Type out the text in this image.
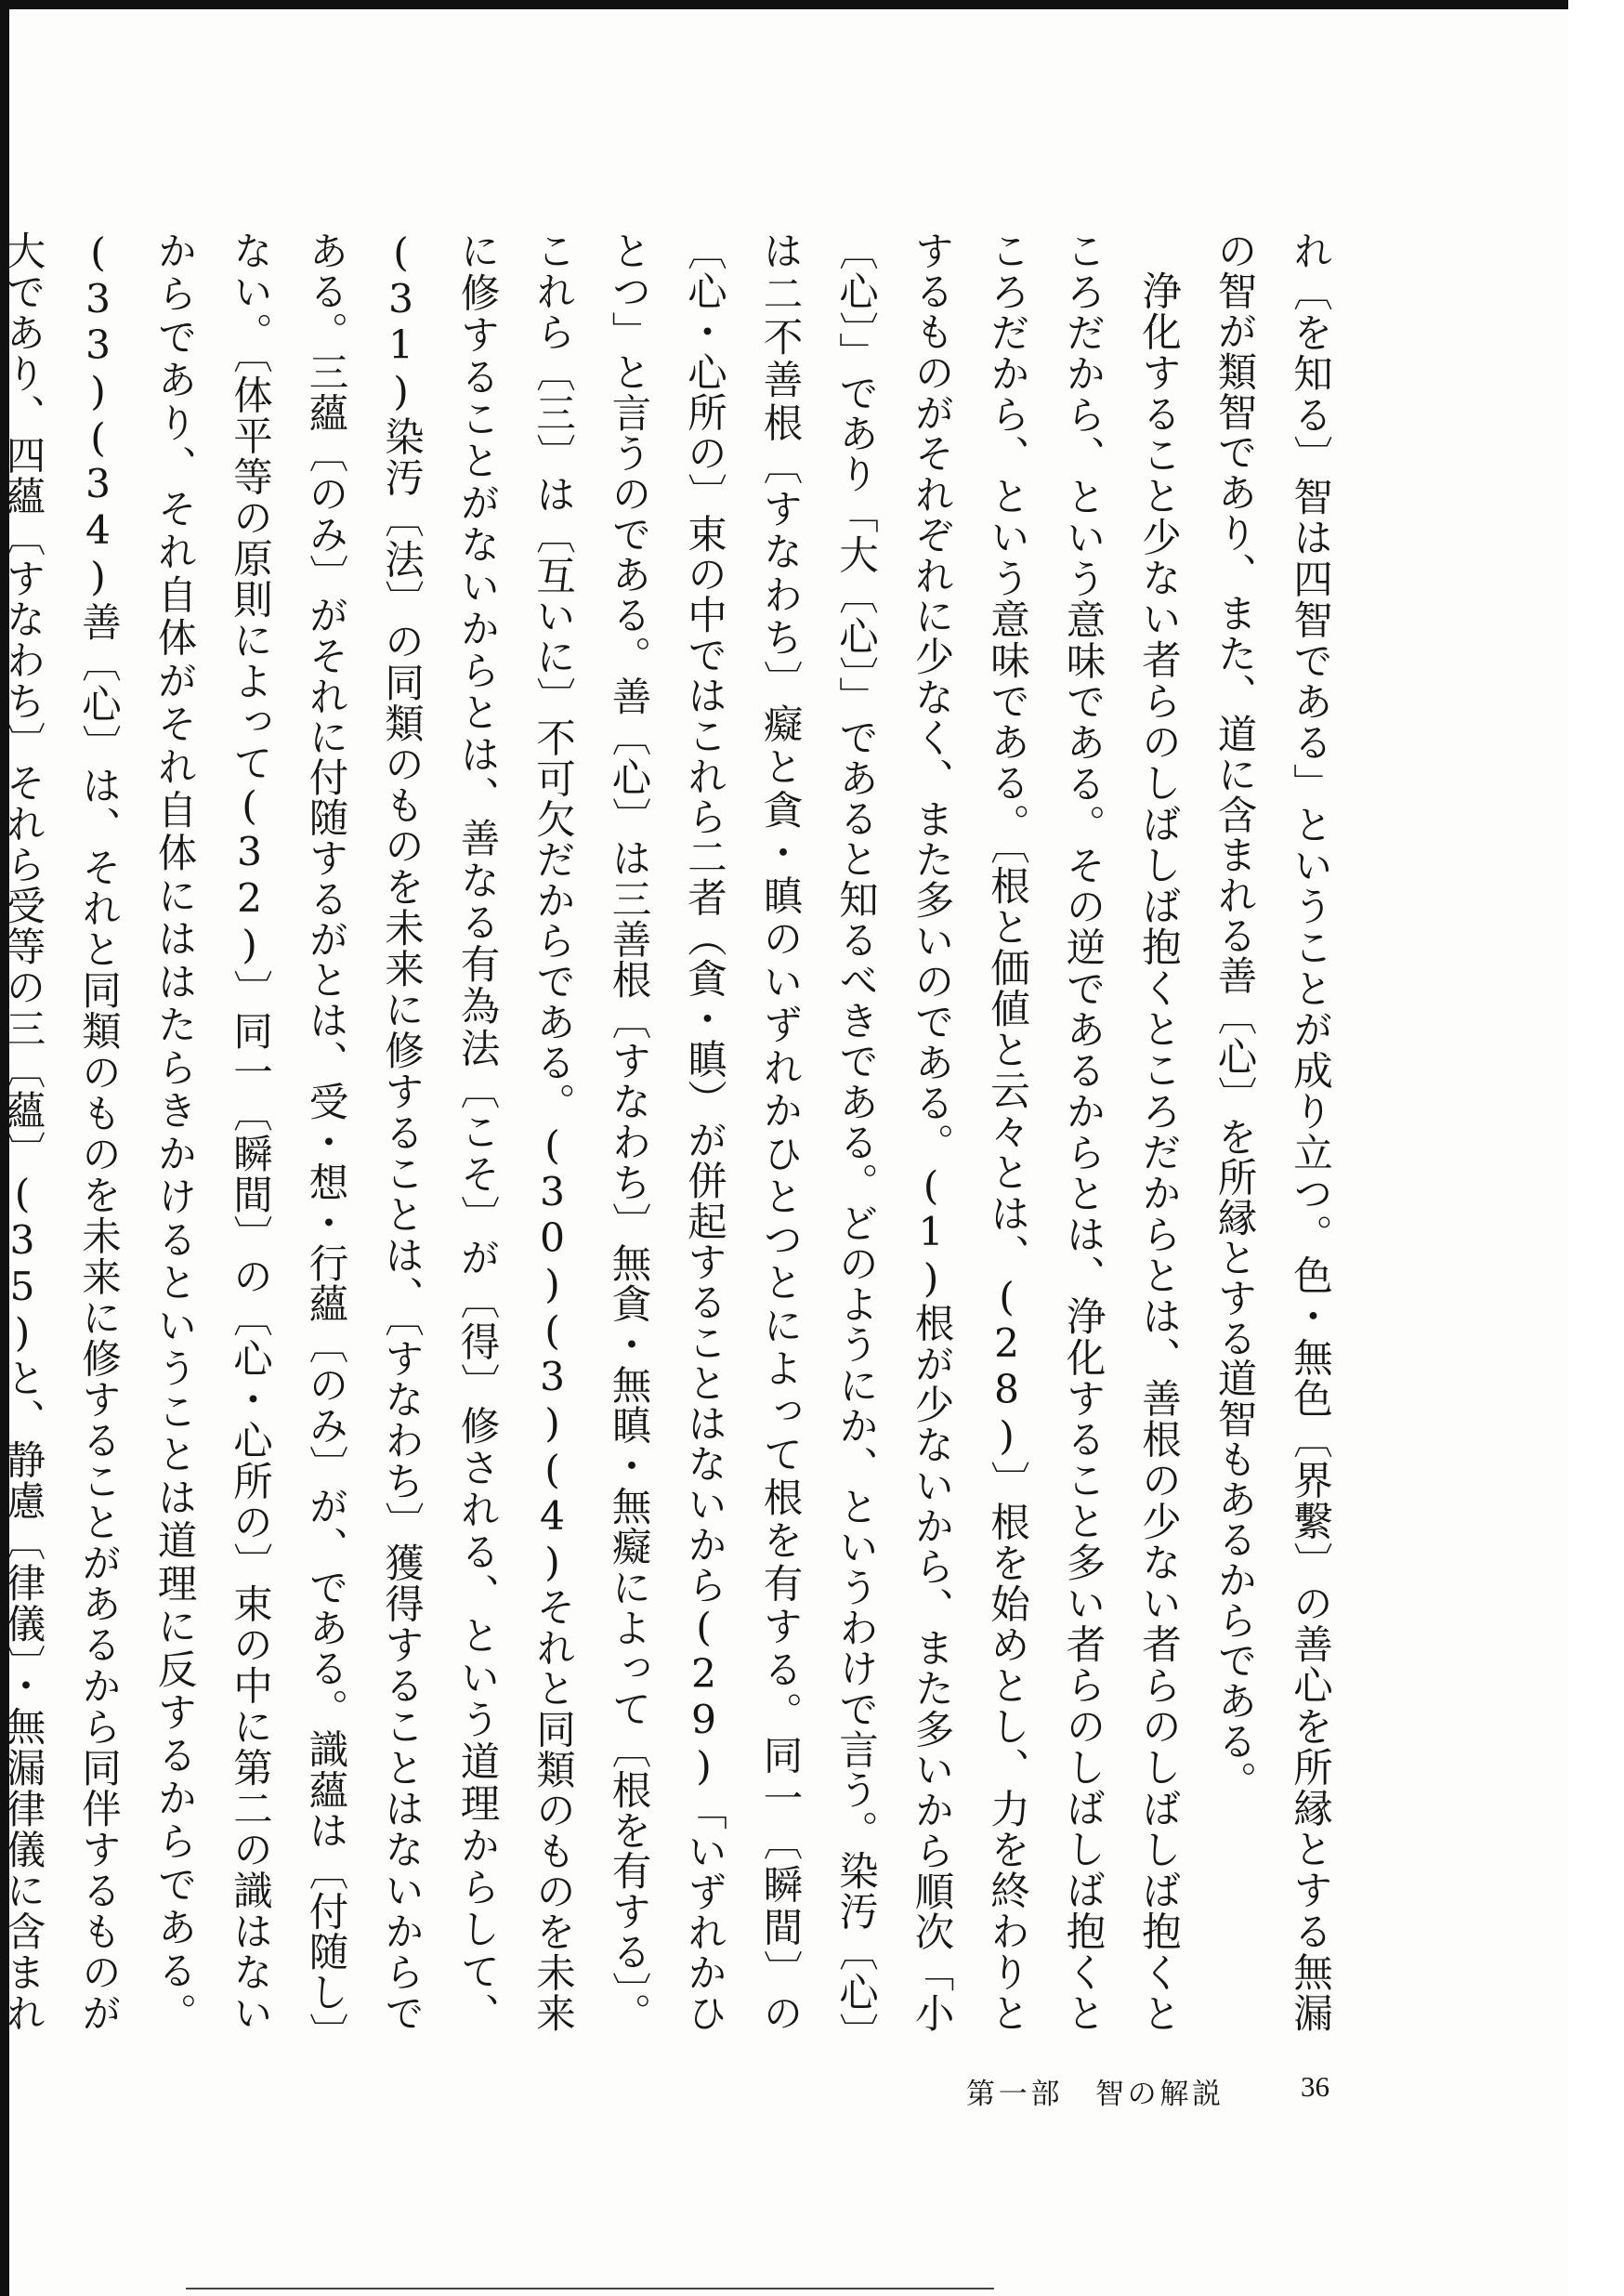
れ〔を知る〕智は四智である」ということが成り立つ。色・無色〔界繫〕の善心を所縁とする無漏の智が類智であり、また、道に含まれる善〔心〕を所縁とする道智もあるからである。

浄化すること少ない者らのしばしば抱くところだからとは、善根の少ない者らのしばしば抱くところだから、という意味である。その逆であるからとは、浄化すること多い者らのしばしば抱くところだから、という意味である。〔根と価値と云々とは、(28)〕根を始めとし、力を終わりとするものがそれぞれに少なく、また多いのである。(1)根が少ないから、また多いから順次「小〔心〕」であり「大〔心〕」であると知るべきである。どのようにか、というわけで言う。染汚〔心〕は二不善根〔すなわち〕癡と貪・瞋のいずれかひとつとによって根を有する。同一〔瞬間〕の〔心・心所の〕束の中ではこれら二者（貪・瞋）が併起することはないから(29)「いずれかひとつ」と言うのである。善〔心〕は三善根〔すなわち〕無貪・無瞋・無癡によって〔根を有する〕。これら〔三〕は〔互いに〕不可欠だからである。(30)(3)(4)それと同類のものを未来に修することがないからとは、善なる有為法〔こそ〕が〔得〕修される、という道理からして、(31)染汚〔法〕の同類のものを未来に修することは、〔すなわち〕獲得することはないからである。三蘊〔のみ〕がそれに付随するがとは、受・想・行蘊〔のみ〕が、である。識蘊は〔付随し〕ない。〔体平等の原則によって(32)〕同一〔瞬間〕の〔心・心所の〕束の中に第二の識はないからであり、それ自体がそれ自体にははたらきかけるということは道理に反するからである。(33)(34)善〔心〕は、それと同類のものを未来に修することがあるから同伴するものが大であり、四蘊〔すなわち〕それら受等の三〔蘊〕(35)と、静慮〔律儀〕・無漏律儀に含まれ

第一部　智の解説	36
